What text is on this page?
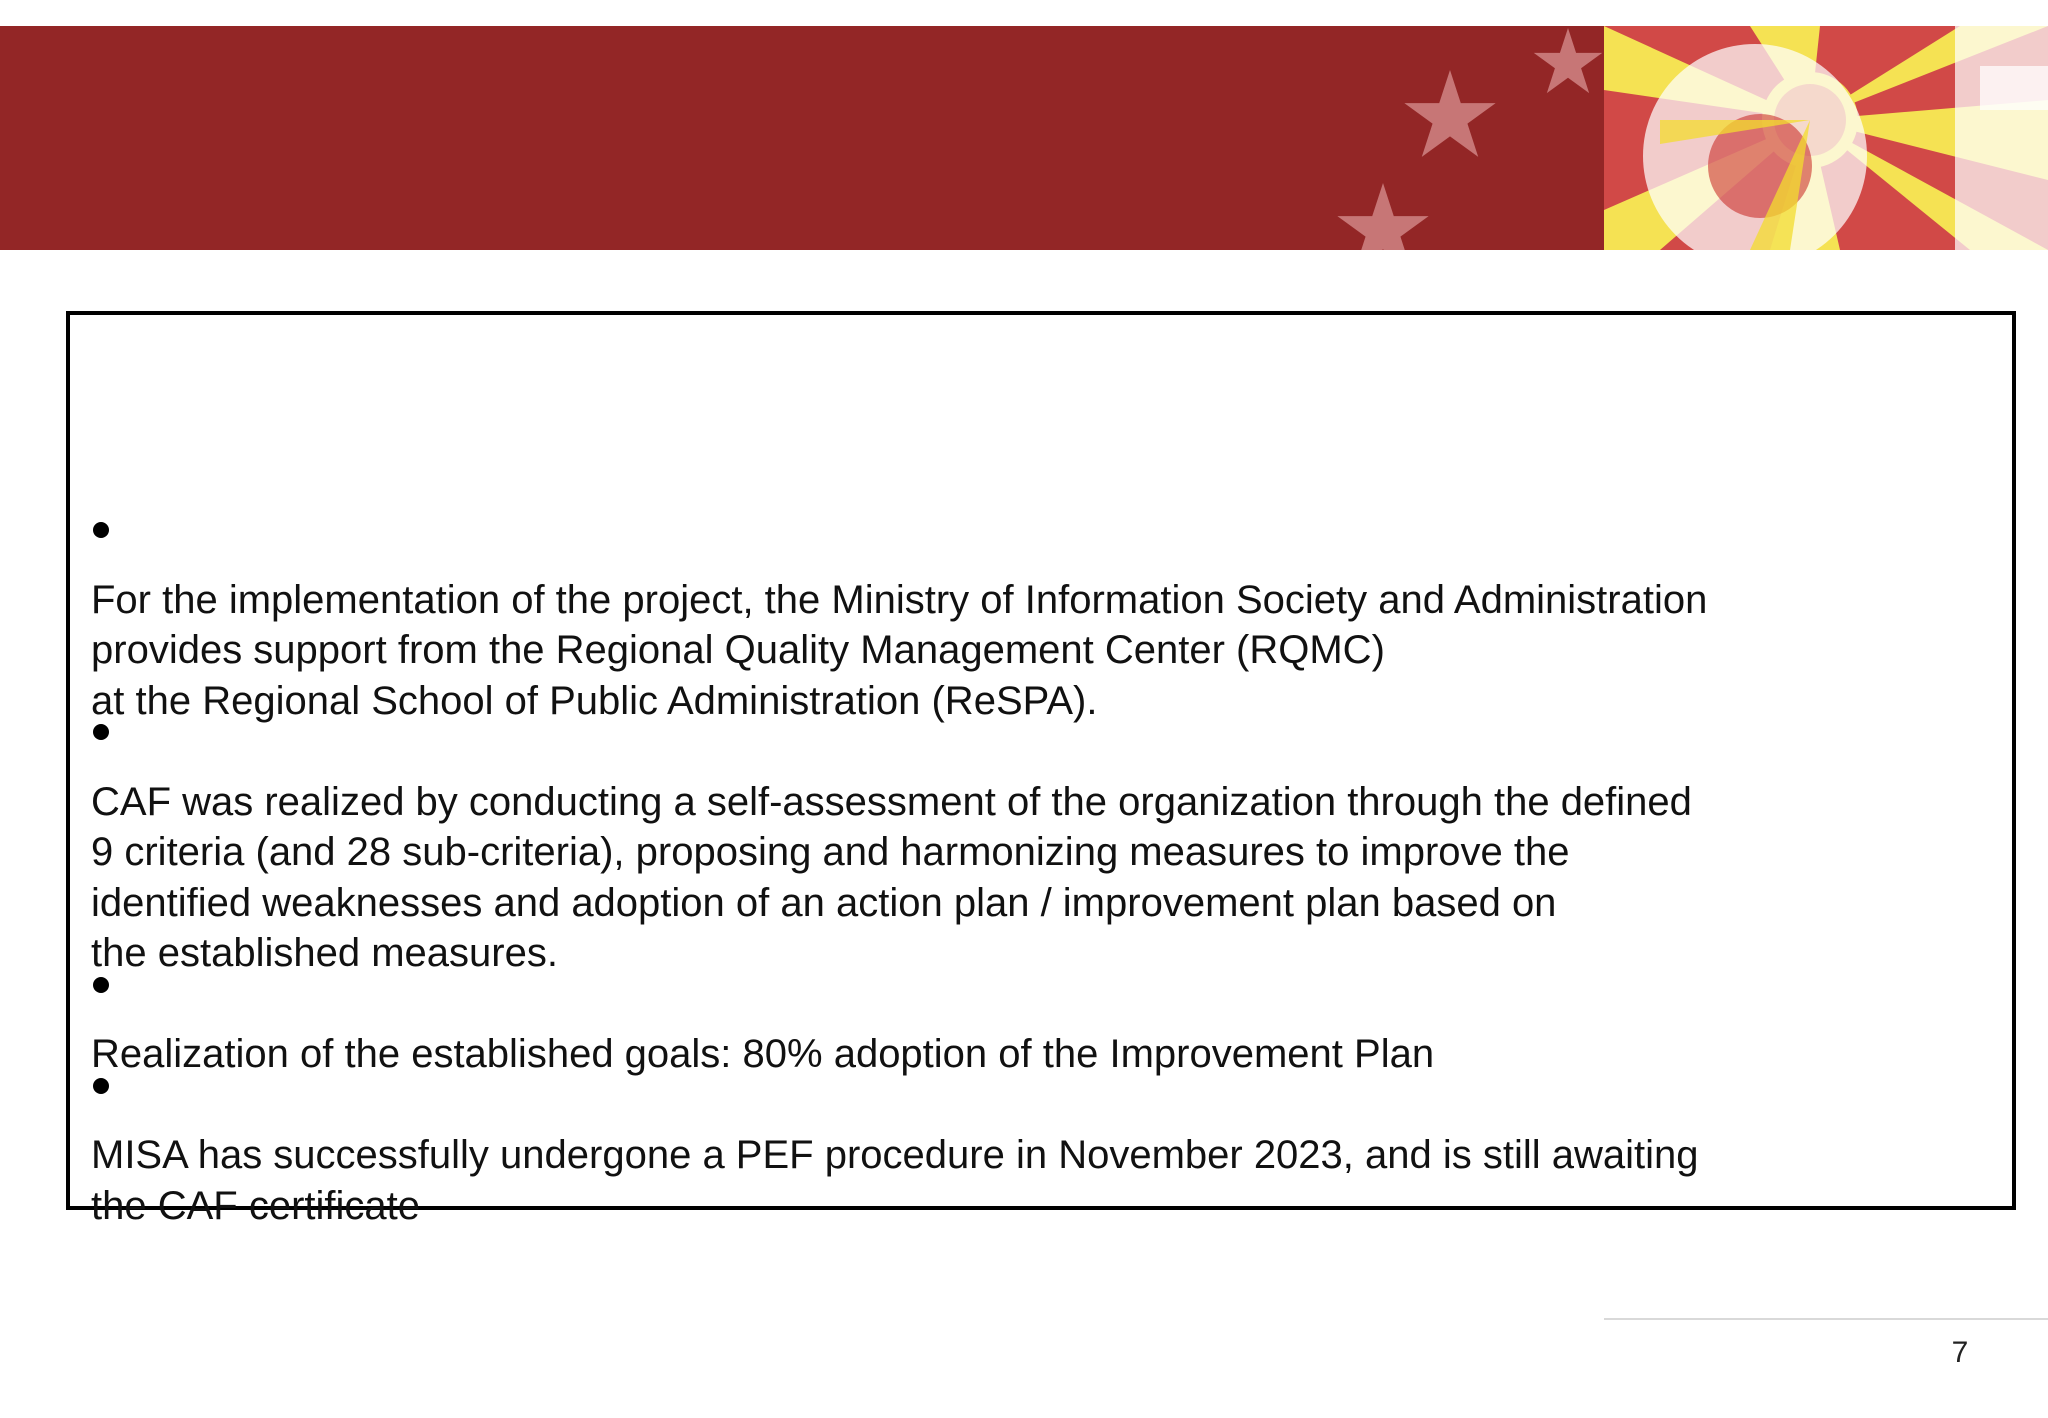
For the implementation of the project, the Ministry of Information Society and Administration
provides support from the Regional Quality Management Center (RQMC)
at the Regional School of Public Administration (ReSPA).

CAF was realized by conducting a self-assessment of the organization through the defined
9 criteria (and 28 sub-criteria), proposing and harmonizing measures to improve the
identified weaknesses and adoption of an action plan / improvement plan based on
the established measures.

Realization of the established goals: 80% adoption of the Improvement Plan

MISA has successfully undergone a PEF procedure in November 2023, and is still awaiting
the CAF certificate

7
